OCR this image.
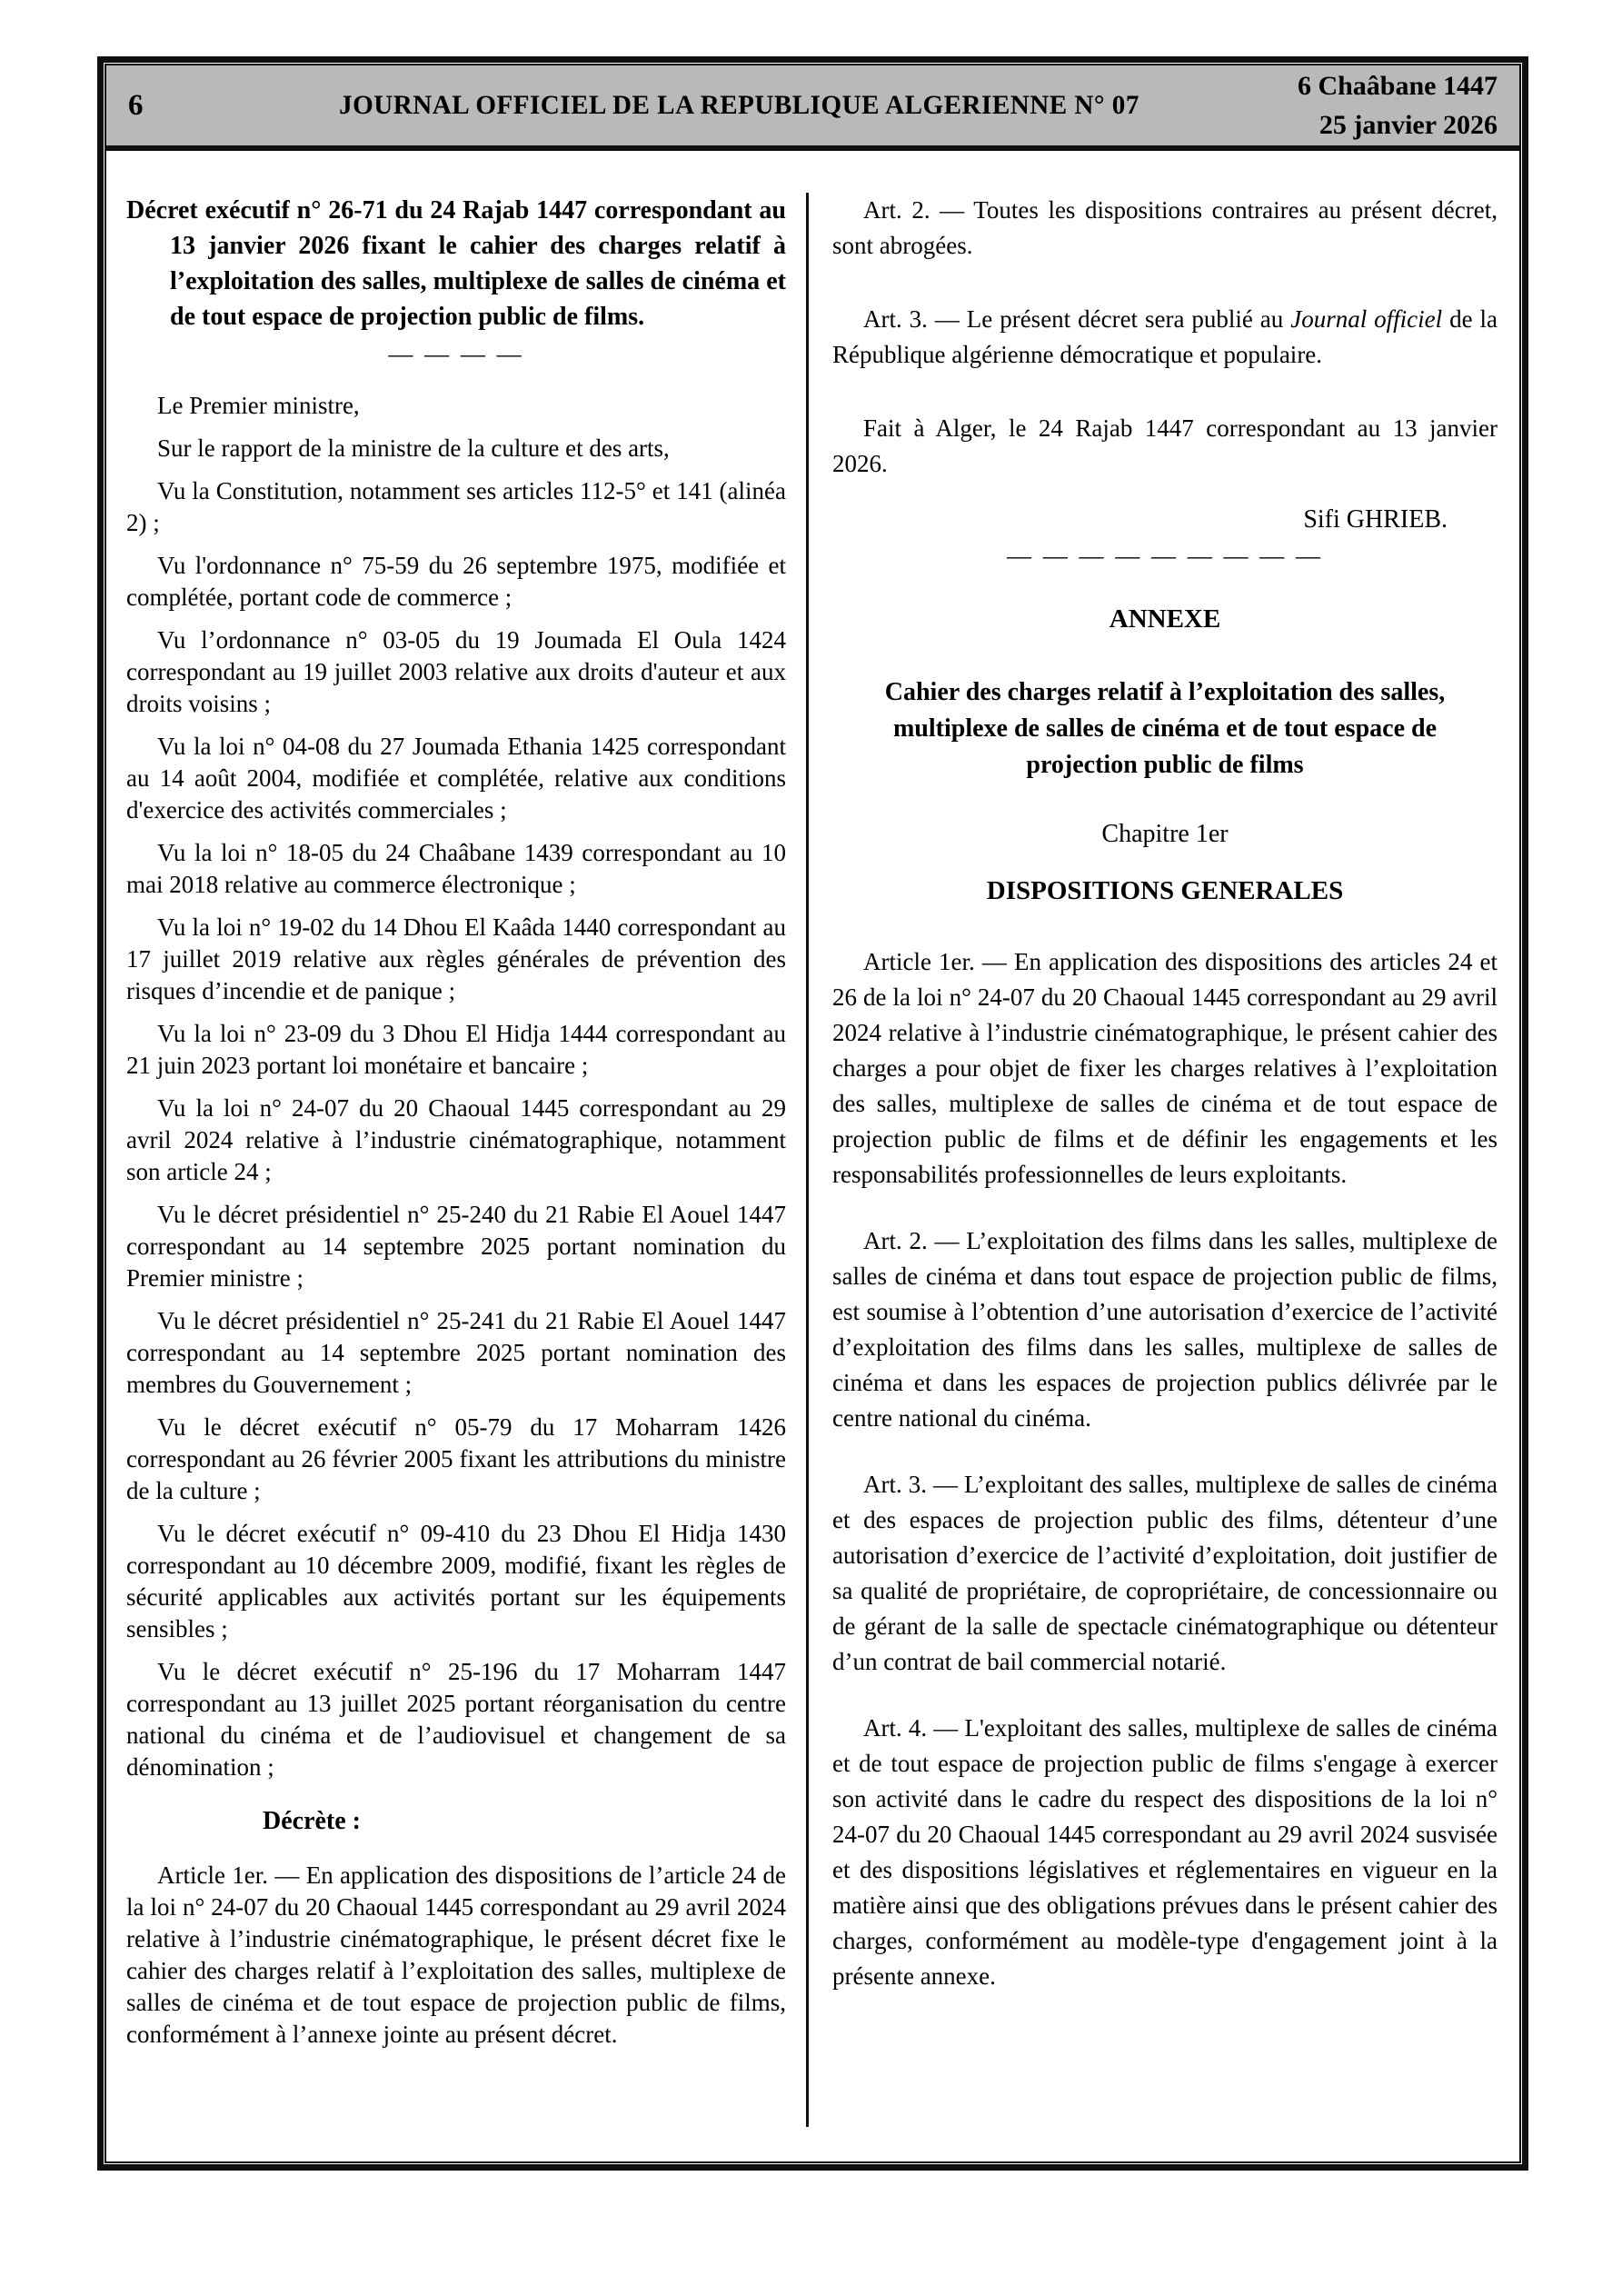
6	JOURNAL OFFICIEL DE LA REPUBLIQUE ALGERIENNE N° 07
6 Chaâbane 1447
25 janvier 2026

Décret exécutif n° 26-71 du 24 Rajab 1447 correspondant au 13 janvier 2026 fixant le cahier des charges relatif à l’exploitation des salles, multiplexe de salles de cinéma et de tout espace de projection public de films.

— — — —

Le Premier ministre,

Sur le rapport de la ministre de la culture et des arts,

Vu la Constitution, notamment ses articles 112-5° et 141 (alinéa 2) ;

Vu l'ordonnance n° 75-59 du 26 septembre 1975, modifiée et complétée, portant code de commerce ;

Vu l’ordonnance n° 03-05 du 19 Joumada El Oula 1424 correspondant au 19 juillet 2003 relative aux droits d'auteur et aux droits voisins ;

Vu la loi n° 04-08 du 27 Joumada Ethania 1425 correspondant au 14 août 2004, modifiée et complétée, relative aux conditions d'exercice des activités commerciales ;

Vu la loi n° 18-05 du 24 Chaâbane 1439 correspondant au 10 mai 2018 relative au commerce électronique ;

Vu la loi n° 19-02 du 14 Dhou El Kaâda 1440 correspondant au 17 juillet 2019 relative aux règles générales de prévention des risques d’incendie et de panique ;

Vu la loi n° 23-09 du 3 Dhou El Hidja 1444 correspondant au 21 juin 2023 portant loi monétaire et bancaire ;

Vu la loi n° 24-07 du 20 Chaoual 1445 correspondant au 29 avril 2024 relative à l’industrie cinématographique, notamment son article 24 ;

Vu le décret présidentiel n° 25-240 du 21 Rabie El Aouel 1447 correspondant au 14 septembre 2025 portant nomination du Premier ministre ;

Vu le décret présidentiel n° 25-241 du 21 Rabie El Aouel 1447 correspondant au 14 septembre 2025 portant nomination des membres du Gouvernement ;

Vu le décret exécutif n° 05-79 du 17 Moharram 1426 correspondant au 26 février 2005 fixant les attributions du ministre de la culture ;

Vu le décret exécutif n° 09-410 du 23 Dhou El Hidja 1430 correspondant au 10 décembre 2009, modifié, fixant les règles de sécurité applicables aux activités portant sur les équipements sensibles ;

Vu le décret exécutif n° 25-196 du 17 Moharram 1447 correspondant au 13 juillet 2025 portant réorganisation du centre national du cinéma et de l’audiovisuel et changement de sa dénomination ;

Décrète :

Article 1er. — En application des dispositions de l’article 24 de la loi n° 24-07 du 20 Chaoual 1445 correspondant au 29 avril 2024 relative à l’industrie cinématographique, le présent décret fixe le cahier des charges relatif à l’exploitation des salles, multiplexe de salles de cinéma et de tout espace de projection public de films, conformément à l’annexe jointe au présent décret.

Art. 2. — Toutes les dispositions contraires au présent décret, sont abrogées.

Art. 3. — Le présent décret sera publié au Journal officiel de la République algérienne démocratique et populaire.

Fait à Alger, le 24 Rajab 1447 correspondant au 13 janvier 2026.

Sifi GHRIEB.

— — — — — — — — —

ANNEXE

Cahier des charges relatif à l’exploitation des salles, multiplexe de salles de cinéma et de tout espace de projection public de films

Chapitre 1er

DISPOSITIONS GENERALES

Article 1er. — En application des dispositions des articles 24 et 26 de la loi n° 24-07 du 20 Chaoual 1445 correspondant au 29 avril 2024 relative à l’industrie cinématographique, le présent cahier des charges a pour objet de fixer les charges relatives à l’exploitation des salles, multiplexe de salles de cinéma et de tout espace de projection public de films et de définir les engagements et les responsabilités professionnelles de leurs exploitants.

Art. 2. — L’exploitation des films dans les salles, multiplexe de salles de cinéma et dans tout espace de projection public de films, est soumise à l’obtention d’une autorisation d’exercice de l’activité d’exploitation des films dans les salles, multiplexe de salles de cinéma et dans les espaces de projection publics délivrée par le centre national du cinéma.

Art. 3. — L’exploitant des salles, multiplexe de salles de cinéma et des espaces de projection public des films, détenteur d’une autorisation d’exercice de l’activité d’exploitation, doit justifier de sa qualité de propriétaire, de copropriétaire, de concessionnaire ou de gérant de la salle de spectacle cinématographique ou détenteur d’un contrat de bail commercial notarié.

Art. 4. — L'exploitant des salles, multiplexe de salles de cinéma et de tout espace de projection public de films s'engage à exercer son activité dans le cadre du respect des dispositions de la loi n° 24-07 du 20 Chaoual 1445 correspondant au 29 avril 2024 susvisée et des dispositions législatives et réglementaires en vigueur en la matière ainsi que des obligations prévues dans le présent cahier des charges, conformément au modèle-type d'engagement joint à la présente annexe.
